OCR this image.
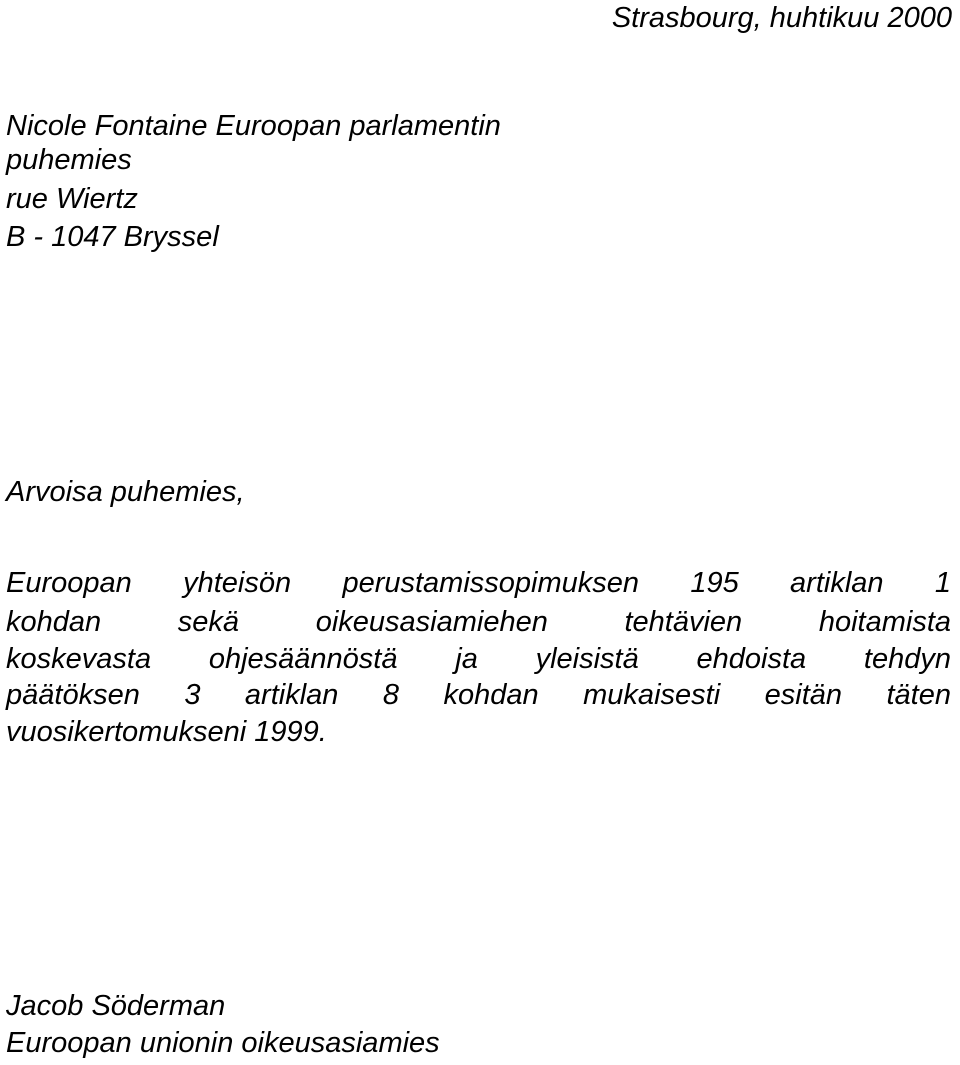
Strasbourg, huhtikuu 2000
Nicole Fontaine Euroopan parlamentin
puhemies
rue Wiertz
B - 1047 Bryssel
Arvoisa puhemies,
Euroopan yhteisön perustamissopimuksen 195 artiklan 1
kohdan sekä oikeusasiamiehen tehtävien hoitamista
koskevasta ohjesäännöstä ja yleisistä ehdoista tehdyn
päätöksen 3 artiklan 8 kohdan mukaisesti esitän täten
vuosikertomukseni 1999.
Jacob Söderman
Euroopan unionin oikeusasiamies
